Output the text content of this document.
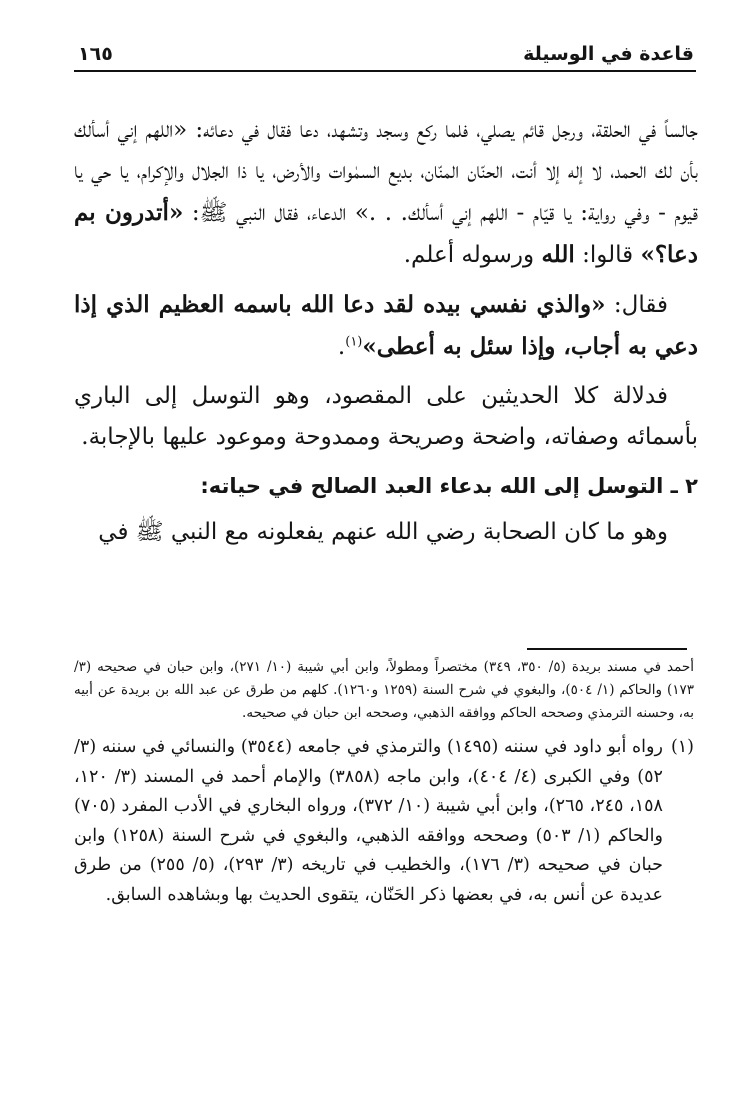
قاعدة في الوسيلة
١٦٥

جالساً في الحلقة، ورجل قائم يصلي، فلما ركع وسجد وتشهد، دعا فقال في دعائه: «اللهم إني أسألك بأن لك الحمد، لا إله إلا أنت، الحنّان المنّان، بديع السمٰوات والأرض، يا ذا الجلال والإكرام، يا حي يا قيوم - وفي رواية: يا قيّام - اللهم إني أسألك. . .» الدعاء، فقال النبي ﷺ: «أتدرون بم دعا؟» قالوا: الله ورسوله أعلم.

فقال: «والذي نفسي بيده لقد دعا الله باسمه العظيم الذي إذا دعي به أجاب، وإذا سئل به أعطى»$^{(١)}$.

فدلالة كلا الحديثين على المقصود، وهو التوسل إلى الباري بأسمائه وصفاته، واضحة وصريحة وممدوحة وموعود عليها بالإجابة.

٢ ـ التوسل إلى الله بدعاء العبد الصالح في حياته:

وهو ما كان الصحابة رضي الله عنهم يفعلونه مع النبي ﷺ في

أحمد في مسند بريدة (٥/ ٣٥٠، ٣٤٩) مختصراً ومطولاً، وابن أبي شيبة (١٠/ ٢٧١)، وابن حبان في صحيحه (٣/ ١٧٣) والحاكم (١/ ٥٠٤)، والبغوي في شرح السنة (١٢٥٩ و١٢٦٠). كلهم من طرق عن عبد الله بن بريدة عن أبيه به، وحسنه الترمذي وصححه الحاكم ووافقه الذهبي، وصححه ابن حبان في صحيحه.

(١)
رواه أبو داود في سننه (١٤٩٥) والترمذي في جامعه (٣٥٤٤) والنسائي في سننه (٣/ ٥٢) وفي الكبرى (٤/ ٤٠٤)، وابن ماجه (٣٨٥٨) والإمام أحمد في المسند (٣/ ١٢٠، ١٥٨، ٢٤٥، ٢٦٥)، وابن أبي شيبة (١٠/ ٣٧٢)، ورواه البخاري في الأدب المفرد (٧٠٥) والحاكم (١/ ٥٠٣) وصححه ووافقه الذهبي، والبغوي في شرح السنة (١٢٥٨) وابن حبان في صحيحه (٣/ ١٧٦)، والخطيب في تاريخه (٣/ ٢٩٣)، (٥/ ٢٥٥) من طرق عديدة عن أنس به، في بعضها ذكر الحَنّان، يتقوى الحديث بها وبشاهده السابق.
